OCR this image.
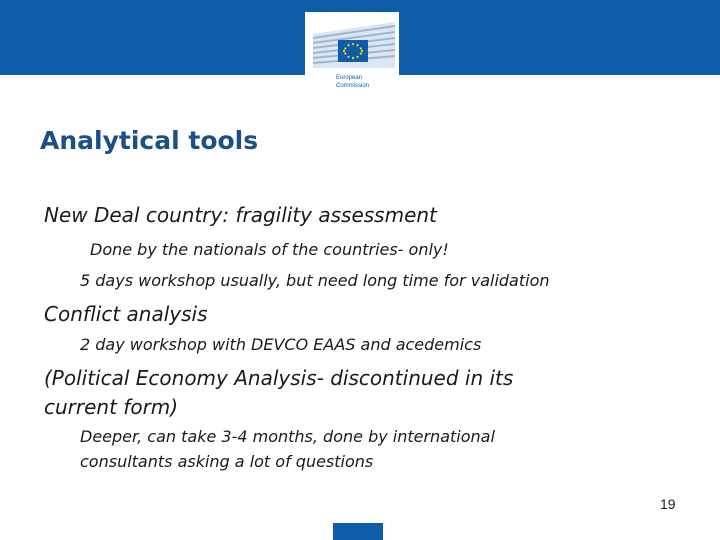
European
Commission
Analytical tools
New Deal country: fragility assessment
Done by the nationals of the countries- only!
5 days workshop usually, but need long time for validation
Conflict analysis
2 day workshop with DEVCO EAAS and acedemics
(Political Economy Analysis- discontinued in its
current form)
Deeper, can take 3-4 months, done by international
consultants asking a lot of questions
19
